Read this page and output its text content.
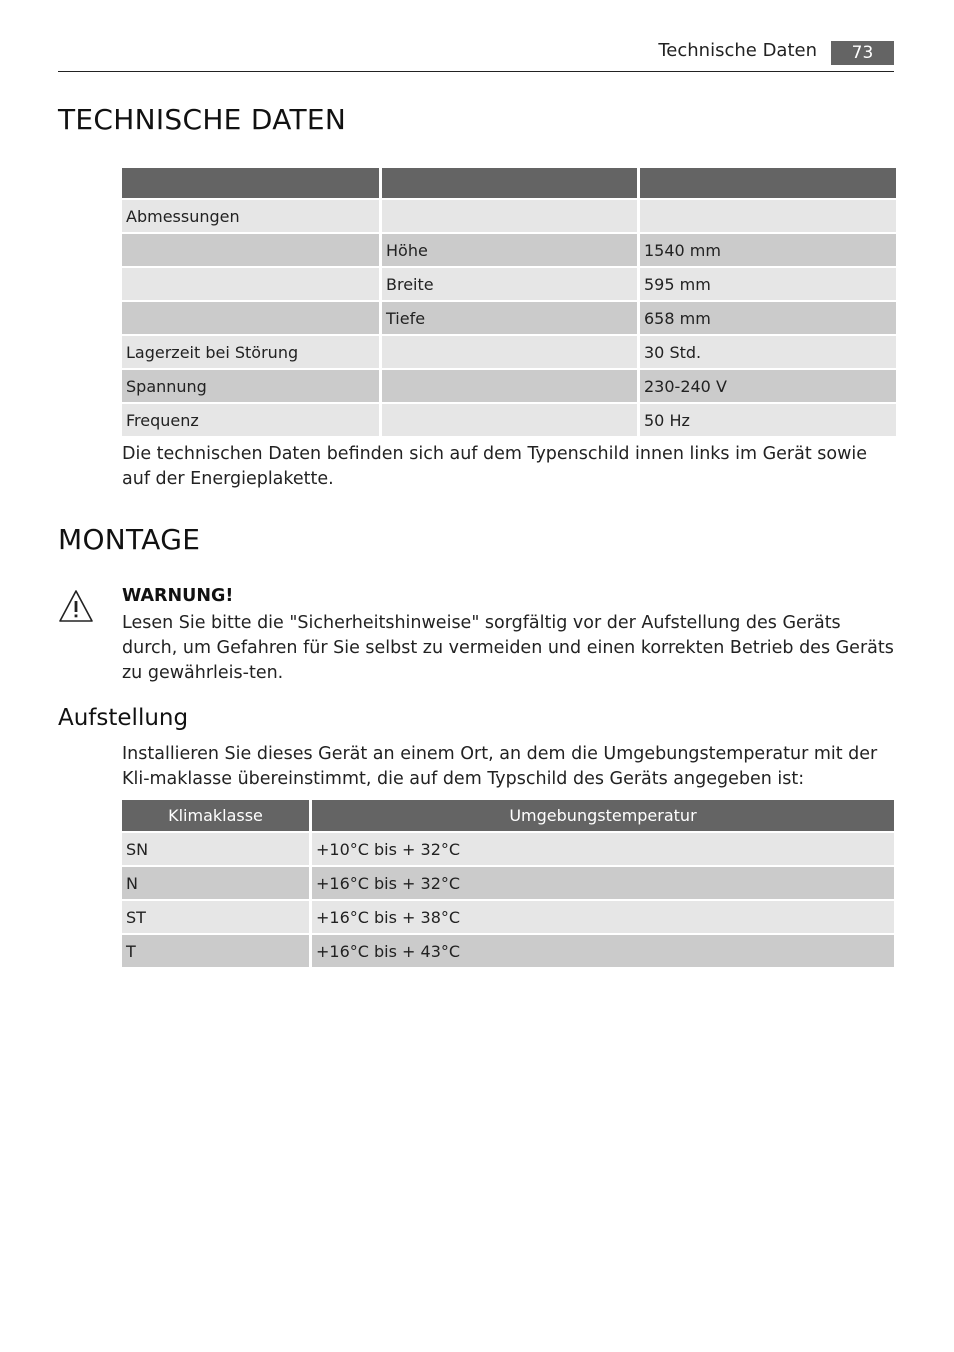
Technische Daten	73
TECHNISCHE DATEN

Abmessungen		
	Höhe	1540 mm
	Breite	595 mm
	Tiefe	658 mm
Lagerzeit bei Störung		30 Std.
Spannung		230-240 V
Frequenz		50 Hz
Die technischen Daten befinden sich auf dem Typenschild innen links im Gerät sowie auf der Energieplakette.
MONTAGE
WARNUNG!
Lesen Sie bitte die "Sicherheitshinweise" sorgfältig vor der Aufstellung des Geräts durch, um Gefahren für Sie selbst zu vermeiden und einen korrekten Betrieb des Geräts zu gewährleis-ten.
Aufstellung
Installieren Sie dieses Gerät an einem Ort, an dem die Umgebungstemperatur mit der Kli-maklasse übereinstimmt, die auf dem Typschild des Geräts angegeben ist:
Klimaklasse	Umgebungstemperatur
SN	+10°C bis + 32°C
N	+16°C bis + 32°C
ST	+16°C bis + 38°C
T	+16°C bis + 43°C
